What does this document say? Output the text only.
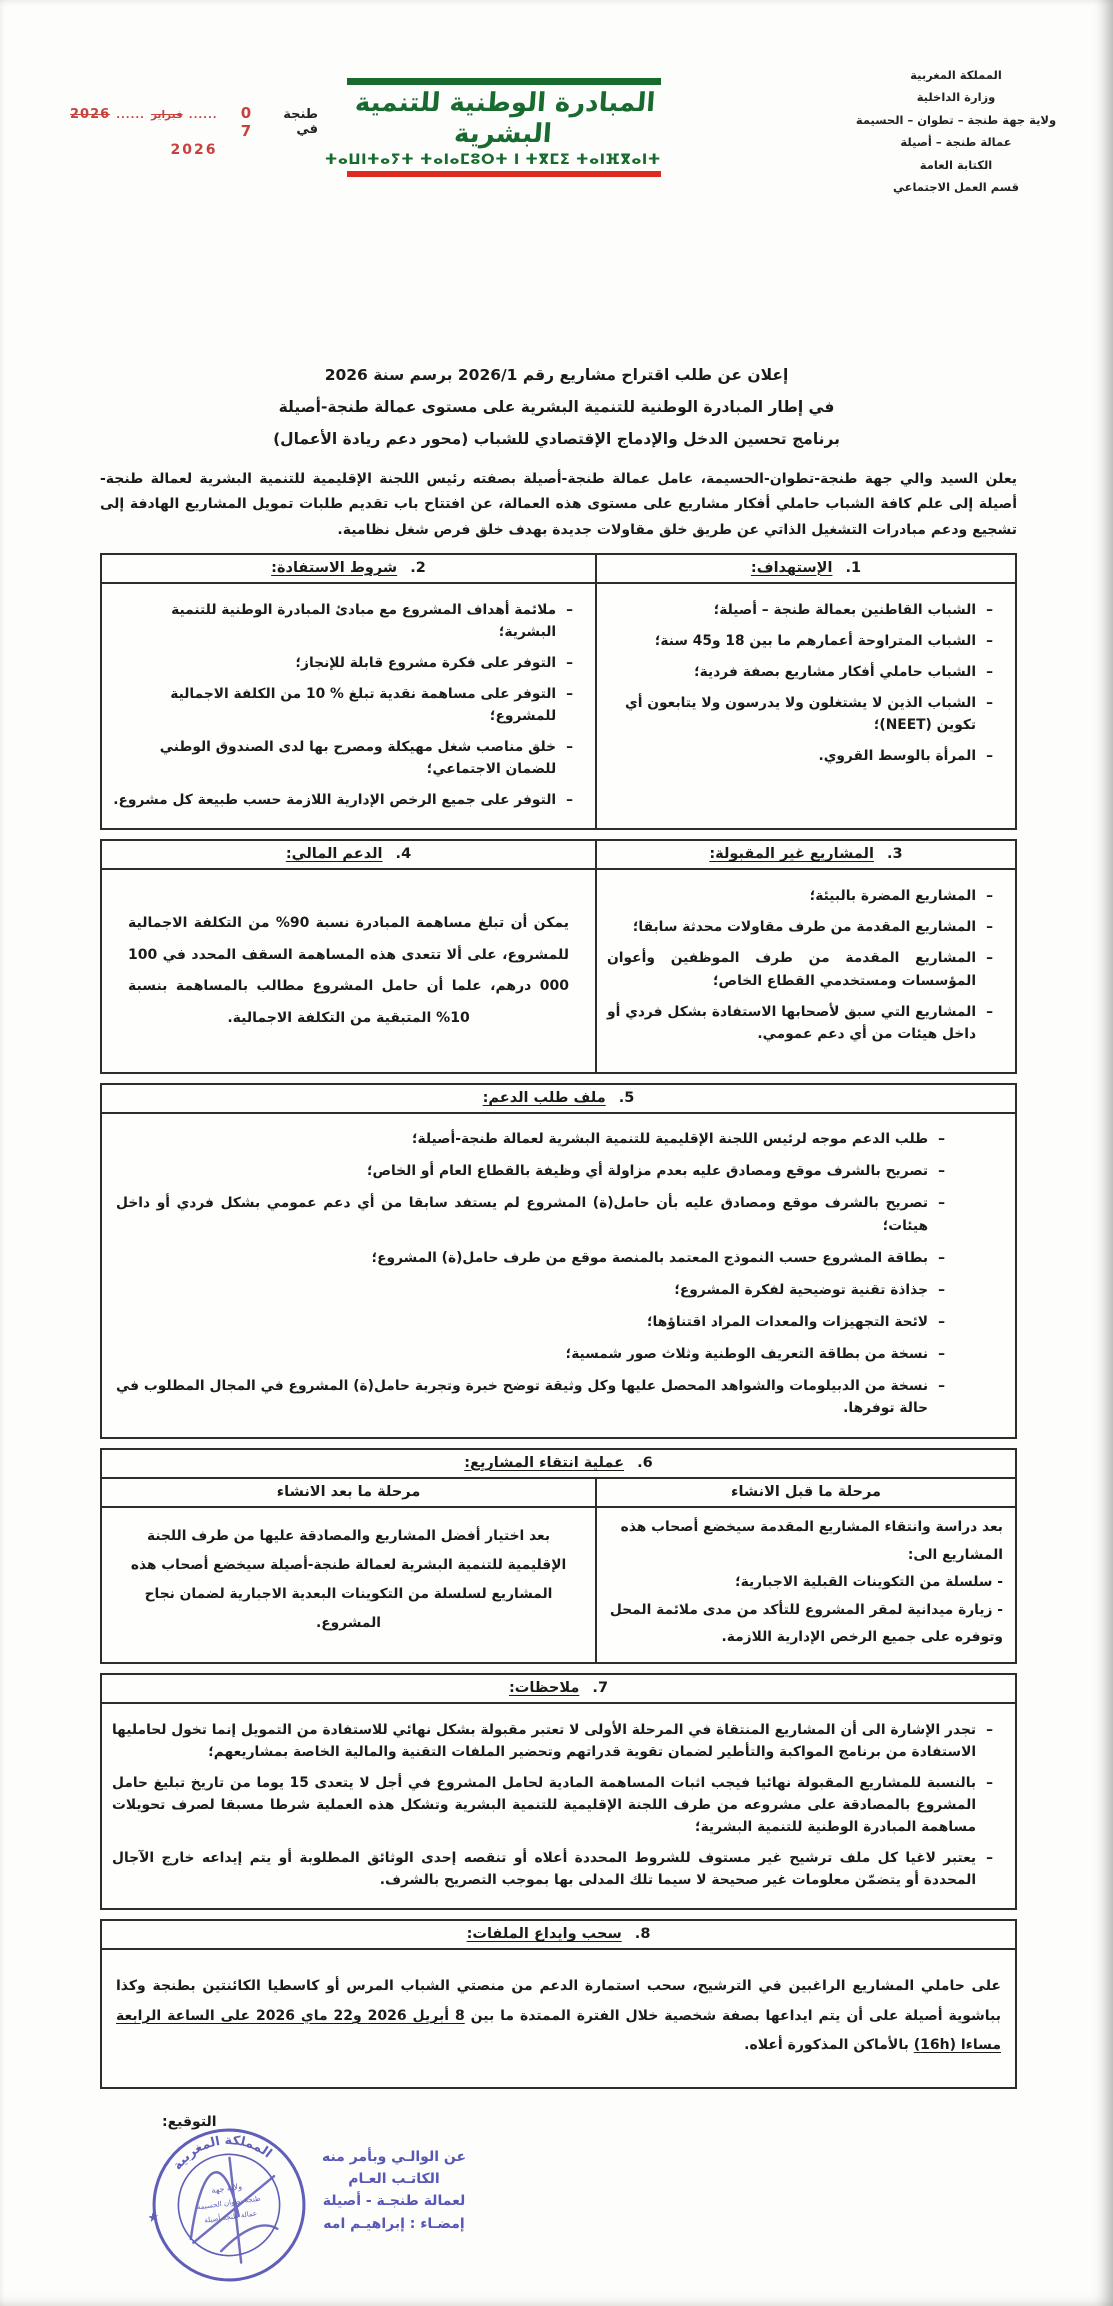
المملكة المغربية
وزارة الداخلية
ولاية جهة طنجة – تطوان – الحسيمة
عمالة طنجة – أصيلة
الكتابة العامة
قسم العمل الاجتماعي
المبادرة الوطنية للتنمية البشرية
ⵜⴰⵡⵏⵜⴰⵢⵜ ⵜⴰⵏⴰⵎⵓⵔⵜ ⵏ ⵜⴳⵎⵉ ⵜⴰⵏⴼⴳⴰⵏⵜ
طنجة في
0 7
......
فبراير
......
2026
2026
إعلان عن طلب اقتراح مشاريع رقم 2026/1 برسم سنة 2026
في إطار المبادرة الوطنية للتنمية البشرية على مستوى عمالة طنجة-أصيلة
برنامج تحسين الدخل والإدماج الإقتصادي للشباب (محور دعم ريادة الأعمال)

يعلن السيد والي جهة طنجة-تطوان-الحسيمة، عامل عمالة طنجة-أصيلة بصفته رئيس اللجنة الإقليمية للتنمية البشرية لعمالة طنجة-أصيلة إلى علم كافة الشباب حاملي أفكار مشاريع على مستوى هذه العمالة، عن افتتاح باب تقديم طلبات تمويل المشاريع الهادفة إلى تشجيع ودعم مبادرات التشغيل الذاتي عن طريق خلق مقاولات جديدة بهدف خلق فرص شغل نظامية.

1. الإستهداف:
2. شروط الاستفادة:
– الشباب القاطنين بعمالة طنجة – أصيلة؛
– الشباب المتراوحة أعمارهم ما بين 18 و45 سنة؛
– الشباب حاملي أفكار مشاريع بصفة فردية؛
– الشباب الذين لا يشتغلون ولا يدرسون ولا يتابعون أي تكوين (NEET)؛
– المرأة بالوسط القروي.
– ملائمة أهداف المشروع مع مبادئ المبادرة الوطنية للتنمية البشرية؛
– التوفر على فكرة مشروع قابلة للإنجاز؛
– التوفر على مساهمة نقدية تبلغ % 10 من الكلفة الاجمالية للمشروع؛
– خلق مناصب شغل مهيكلة ومصرح بها لدى الصندوق الوطني للضمان الاجتماعي؛
– التوفر على جميع الرخص الإدارية اللازمة حسب طبيعة كل مشروع.
3. المشاريع غير المقبولة:
4. الدعم المالي:
– المشاريع المضرة بالبيئة؛
– المشاريع المقدمة من طرف مقاولات محدثة سابقا؛
– المشاريع المقدمة من طرف الموظفين وأعوان المؤسسات ومستخدمي القطاع الخاص؛
– المشاريع التي سبق لأصحابها الاستفادة بشكل فردي أو داخل هيئات من أي دعم عمومي.

يمكن أن تبلغ مساهمة المبادرة نسبة 90% من التكلفة الاجمالية للمشروع، على ألا تتعدى هذه المساهمة السقف المحدد في 100 000 درهم، علما أن حامل المشروع مطالب بالمساهمة بنسبة 10% المتبقية من التكلفة الاجمالية.

5. ملف طلب الدعم:
– طلب الدعم موجه لرئيس اللجنة الإقليمية للتنمية البشرية لعمالة طنجة-أصيلة؛
– تصريح بالشرف موقع ومصادق عليه بعدم مزاولة أي وظيفة بالقطاع العام أو الخاص؛
– تصريح بالشرف موقع ومصادق عليه بأن حامل(ة) المشروع لم يستفد سابقا من أي دعم عمومي بشكل فردي أو داخل هيئات؛
– بطاقة المشروع حسب النموذج المعتمد بالمنصة موقع من طرف حامل(ة) المشروع؛
– جذاذة تقنية توضيحية لفكرة المشروع؛
– لائحة التجهيزات والمعدات المراد اقتناؤها؛
– نسخة من بطاقة التعريف الوطنية وثلاث صور شمسية؛
– نسخة من الدبيلومات والشواهد المحصل عليها وكل وثيقة توضح خبرة وتجربة حامل(ة) المشروع في المجال المطلوب في حالة توفرها.
6. عملية انتقاء المشاريع:
مرحلة ما قبل الانشاء
مرحلة ما بعد الانشاء
بعد دراسة وانتقاء المشاريع المقدمة سيخضع أصحاب هذه المشاريع الى:
- سلسلة من التكوينات القبلية الاجبارية؛
- زيارة ميدانية لمقر المشروع للتأكد من مدى ملائمة المحل وتوفره على جميع الرخص الإدارية اللازمة.
بعد اختيار أفضل المشاريع والمصادقة عليها من طرف اللجنة الإقليمية للتنمية البشرية لعمالة طنجة-أصيلة سيخضع أصحاب هذه المشاريع لسلسلة من التكوينات البعدية الاجبارية لضمان نجاح المشروع.
7. ملاحظات:
– تجدر الإشارة الى أن المشاريع المنتقاة في المرحلة الأولى لا تعتبر مقبولة بشكل نهائي للاستفادة من التمويل إنما تخول لحامليها الاستفادة من برنامج المواكبة والتأطير لضمان تقوية قدراتهم وتحضير الملفات التقنية والمالية الخاصة بمشاريعهم؛
– بالنسبة للمشاريع المقبولة نهائيا فيجب اثبات المساهمة المادية لحامل المشروع في أجل لا يتعدى 15 يوما من تاريخ تبليغ حامل المشروع بالمصادقة على مشروعه من طرف اللجنة الإقليمية للتنمية البشرية وتشكل هذه العملية شرطا مسبقا لصرف تحويلات مساهمة المبادرة الوطنية للتنمية البشرية؛
– يعتبر لاغيا كل ملف ترشيح غير مستوف للشروط المحددة أعلاه أو تنقصه إحدى الوثائق المطلوبة أو يتم إيداعه خارج الآجال المحددة أو يتضمّن معلومات غير صحيحة لا سيما تلك المدلى بها بموجب التصريح بالشرف.
8. سحب وايداع الملفات:

على حاملي المشاريع الراغبين في الترشيح، سحب استمارة الدعم من منصتي الشباب المرس أو كاسطيا الكائنتين بطنجة وكذا بباشوية أصيلة على أن يتم ايداعها بصفة شخصية خلال الفترة الممتدة ما بين 8 أبريل 2026 و22 ماي 2026 على الساعة الرابعة مساءا (16h) بالأماكن المذكورة أعلاه.

التوقيع:
عن الوالـي وبأمر منه
الكاتـب العـام
لعمالة طنجـة - أصيلة
إمضـاء : إبراهيـم امه
المملكة المغربية
★
ولاية جهة
طنجة تطوان الحسيمة
عمالة طنجة أصيلة
